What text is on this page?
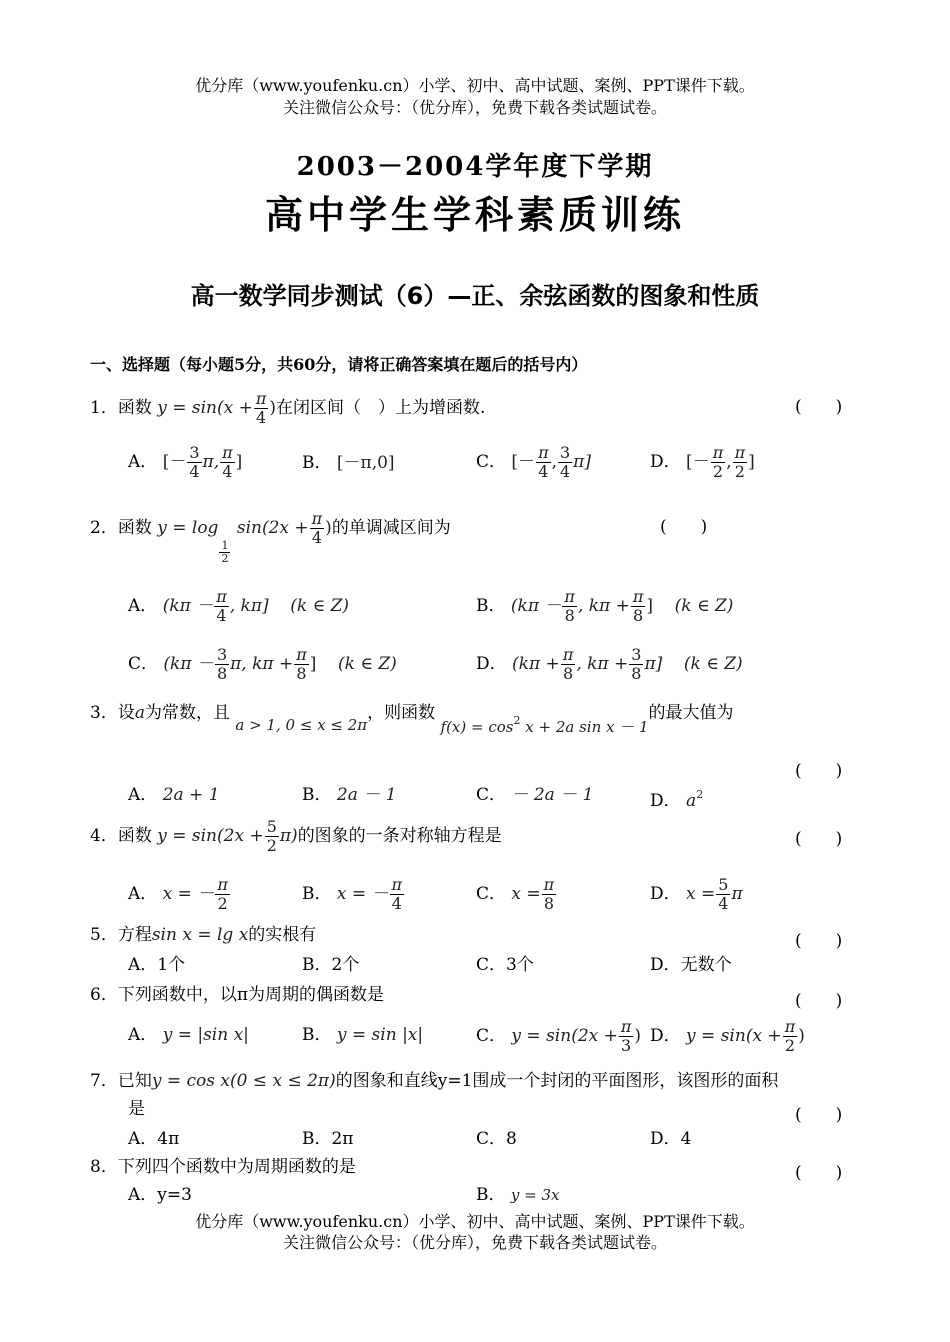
优分库（www.youfenku.cn）小学、初中、高中试题、案例、PPT课件下载。
关注微信公众号：（优分库），免费下载各类试题试卷。
2003－2004学年度下学期
高中学生学科素质训练
高一数学同步测试（6）—正、余弦函数的图象和性质
一、选择题（每小题5分，共60分，请将正确答案填在题后的括号内）
1．函数 $y = \sin(x + \frac{\pi}{4}$ )在闭区间（　）上为增函数.	(　　)
A． [－ $\frac{3}{4} \pi$, $\frac{\pi}{4}$ ]	B． [－π,0]	C． [－ $\frac{\pi}{4}$ , $\frac{3}{4} \pi$]	D． [－ $\frac{\pi}{2}$ , $\frac{\pi}{2}$ ]
2．函数 y = log
$\frac{1}{2}$
$\sin(2x + \frac{\pi}{4}$ )的单调减区间为	(　　)
A． ($k\pi - \frac{\pi}{4}$ , kπ] (k ∈ Z)	B． ($k\pi - \frac{\pi}{8}$ , $k\pi + \frac{\pi}{8}$ ] (k ∈ Z)
C． ($k\pi - \frac{3}{8} \pi$, $k\pi + \frac{\pi}{8}$ ] (k ∈ Z)	D． ($k\pi + \frac{\pi}{8}$ , $k\pi + \frac{3}{8} \pi$] (k ∈ Z)
3．设a为常数，且 a > 1, 0 ≤ x ≤ 2π，则函数 $f(x) = \cos^2 x + 2a$ sin x － 1的最大值为
(　　)
A． 2a + 1	B． 2a － 1	C． － 2a － 1	D． $a^2$
4．函数 $y = \sin(2x + \frac{5}{2} \pi)$的图象的一条对称轴方程是	(　　)
A． x = － $\frac{\pi}{2}$	B． x = － $\frac{\pi}{4}$	C． $x = \frac{\pi}{8}$	D． $x = \frac{5}{4}$ π
5．方程sin x = lg x的实根有	(　　)
A．1个	B．2个	C．3个	D．无数个
6．下列函数中，以π为周期的偶函数是	(　　)
A． y = |sin x|	B． y = sin |x|	C． $y = \sin(2x + \frac{\pi}{3}$ ) D． $y = \sin(x + \frac{\pi}{2}$ )
7．已知y = cos x(0 ≤ x ≤ 2π)的图象和直线y=1围成一个封闭的平面图形，该图形的面积
是	(　　)
A．4π	B．2π	C．8	D．4
8．下列四个函数中为周期函数的是	(　　)
A．y=3	B． y = 3x
优分库（www.youfenku.cn）小学、初中、高中试题、案例、PPT课件下载。
关注微信公众号：（优分库），免费下载各类试题试卷。
